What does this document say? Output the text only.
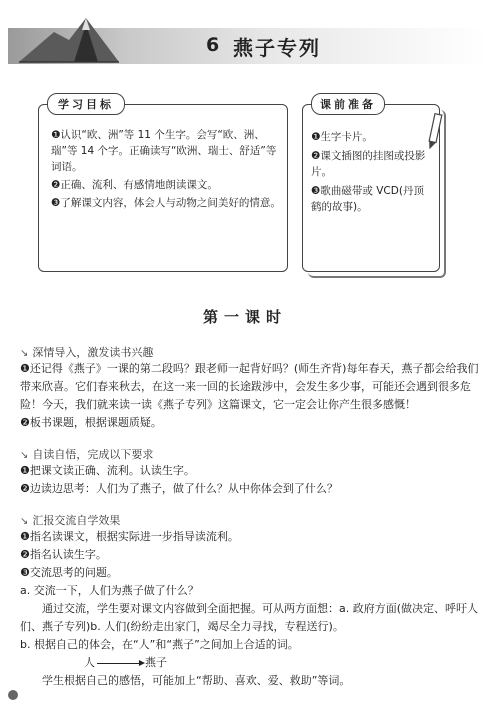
6 燕子专列
学习目标

❶认识“欧、洲”等 11 个生字。会写“欧、洲、瑞”等 14 个字。正确读写“欧洲、瑞士、舒适”等词语。

❷正确、流利、有感情地朗读课文。

❸了解课文内容，体会人与动物之间美好的情意。

课前准备

❶生字卡片。

❷课文插图的挂图或投影片。

❸歌曲磁带或 VCD(丹顶鹤的故事)。

第一课时
↘ 深情导入，激发读书兴趣

❶还记得《燕子》一课的第二段吗？跟老师一起背好吗？(师生齐背)每年春天，燕子都会给我们带来欣喜。它们春来秋去，在这一来一回的长途跋涉中，会发生多少事，可能还会遇到很多危险！今天，我们就来读一读《燕子专列》这篇课文，它一定会让你产生很多感慨！

❷板书课题，根据课题质疑。

↘ 自读自悟，完成以下要求

❶把课文读正确、流利。认读生字。

❷边读边思考：人们为了燕子，做了什么？从中你体会到了什么？

↘ 汇报交流自学效果

❶指名读课文，根据实际进一步指导读流利。

❷指名认读生字。

❸交流思考的问题。

a. 交流一下，人们为燕子做了什么？

通过交流，学生要对课文内容做到全面把握。可从两方面想：a. 政府方面(做决定、呼吁人们、燕子专列)b. 人们(纷纷走出家门，竭尽全力寻找，专程送行)。

b. 根据自己的体会，在“人”和“燕子”之间加上合适的词。

人	燕子

学生根据自己的感悟，可能加上“帮助、喜欢、爱、救助”等词。
